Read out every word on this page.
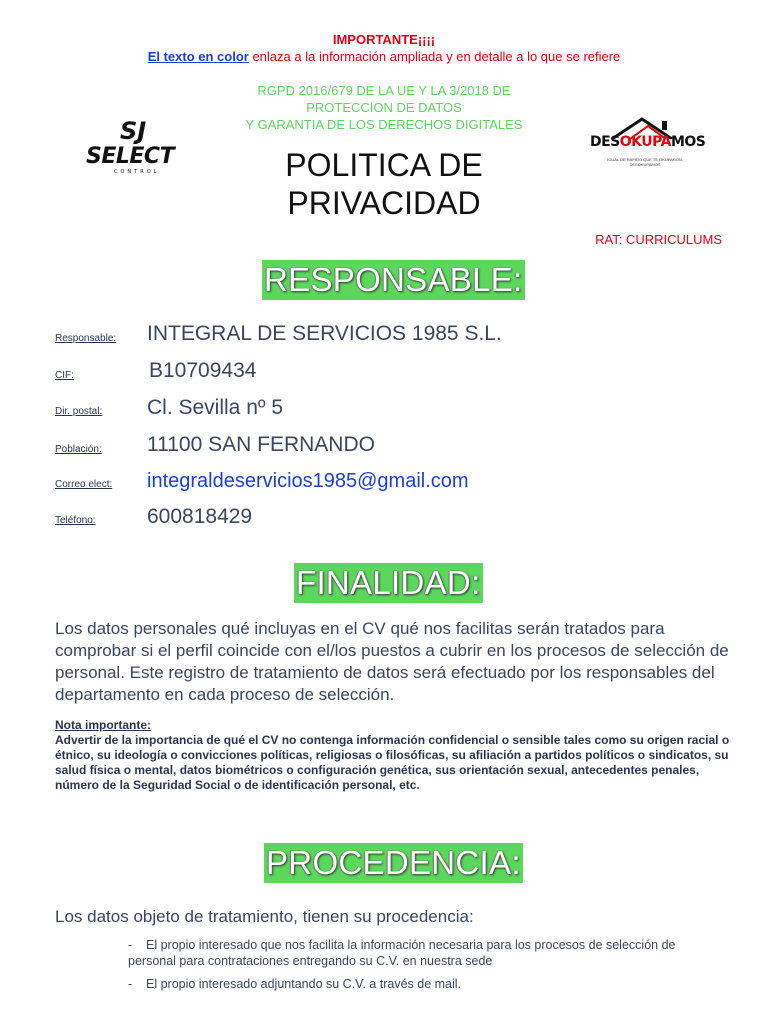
IMPORTANTE¡¡¡¡
El texto en color enlaza a la información ampliada y en detalle a lo que se refiere
RGPD 2016/679 DE LA UE Y LA 3/2018 DE
PROTECCION DE DATOS
Y GARANTIA DE LOS DERECHOS DIGITALES
SJ
SELECT
CONTROL
DESOKUPAMOS
IGUAL DE RAPIDO QUE TE OKUPARON, DESOKUPAMOS
POLITICA DE
PRIVACIDAD
RAT: CURRICULUMS
RESPONSABLE:
Responsable: INTEGRAL DE SERVICIOS 1985 S.L.
CIF:	B10709434
Dir. postal: Cl. Sevilla nº 5
Población: 11100 SAN FERNANDO
Correo elect: integraldeservicios1985@gmail.com
Teléfono: 600818429
FINALIDAD:
Los datos personales qué incluyas en el CV qué nos facilitas serán tratados para comprobar si el perfil coincide con el/los puestos a cubrir en los procesos de selección de personal. Este registro de tratamiento de datos será efectuado por los responsables del departamento en cada proceso de selección.
Nota importante:
Advertir de la importancia de qué el CV no contenga información confidencial o sensible tales como su origen racial o étnico, su ideología o convicciones políticas, religiosas o filosóficas, su afiliación a partidos políticos o sindicatos, su salud física o mental, datos biométricos o configuración genética, sus orientación sexual, antecedentes penales, número de la Seguridad Social o de identificación personal, etc.
PROCEDENCIA:
Los datos objeto de tratamiento, tienen su procedencia:
- El propio interesado que nos facilita la información necesaria para los procesos de selección de personal para contrataciones entregando su C.V. en nuestra sede
- El propio interesado adjuntando su C.V. a través de mail.
